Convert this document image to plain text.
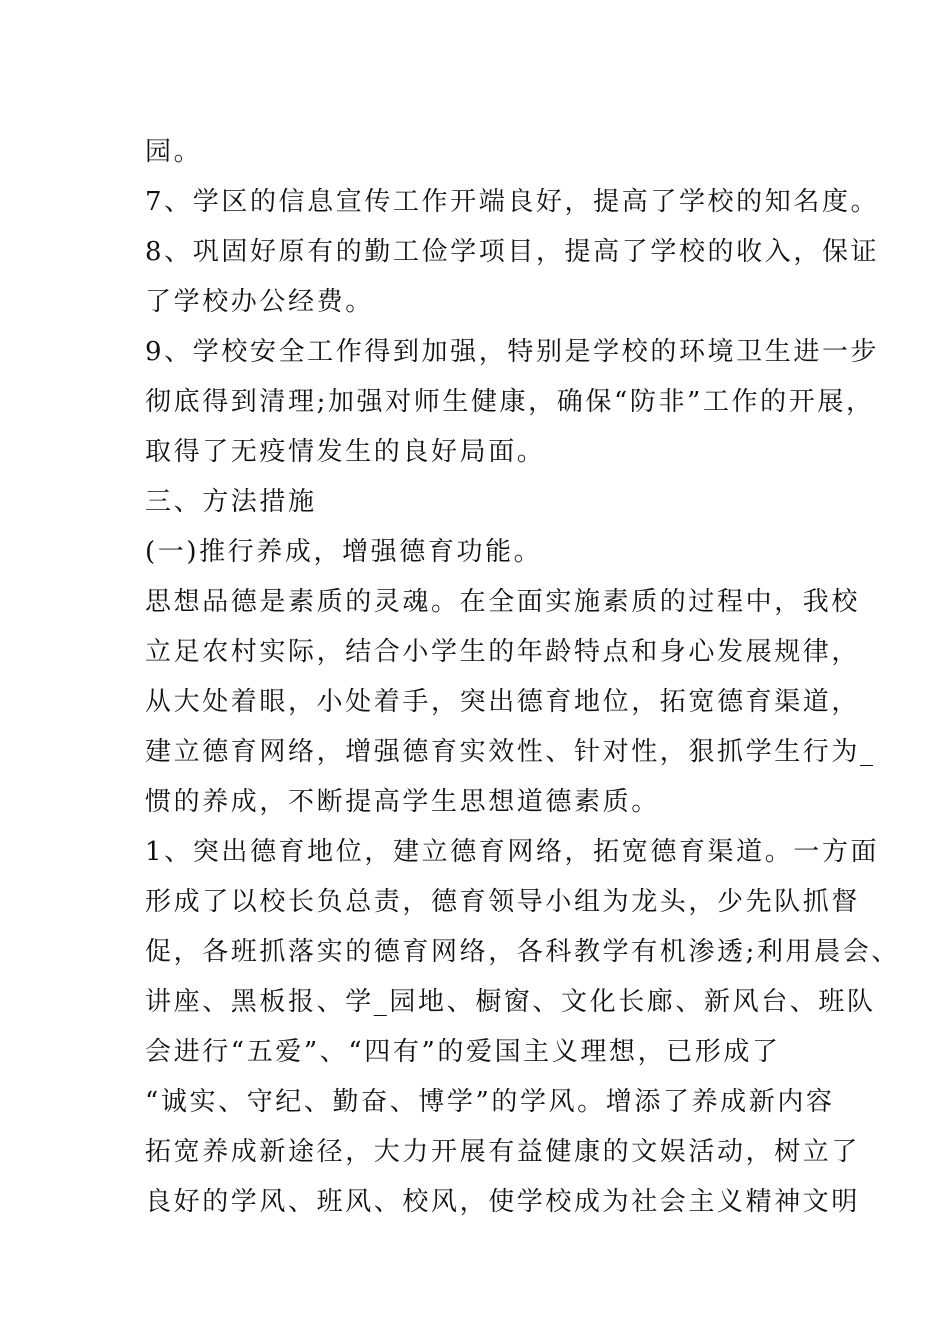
园。
7、学区的信息宣传工作开端良好，提高了学校的知名度。
8、巩固好原有的勤工俭学项目，提高了学校的收入，保证
了学校办公经费。
9、学校安全工作得到加强，特别是学校的环境卫生进一步
彻底得到清理;加强对师生健康，确保“防非”工作的开展，
取得了无疫情发生的良好局面。
三、方法措施
(一)推行养成，增强德育功能。
思想品德是素质的灵魂。在全面实施素质的过程中，我校
立足农村实际，结合小学生的年龄特点和身心发展规律，
从大处着眼，小处着手，突出德育地位，拓宽德育渠道，
建立德育网络，增强德育实效性、针对性，狠抓学生行为_
惯的养成，不断提高学生思想道德素质。
1、突出德育地位，建立德育网络，拓宽德育渠道。一方面
形成了以校长负总责，德育领导小组为龙头，少先队抓督
促，各班抓落实的德育网络，各科教学有机渗透;利用晨会、
讲座、黑板报、学_园地、橱窗、文化长廊、新风台、班队
会进行“五爱”、“四有”的爱国主义理想，已形成了
“诚实、守纪、勤奋、博学”的学风。增添了养成新内容
拓宽养成新途径，大力开展有益健康的文娱活动，树立了
良好的学风、班风、校风，使学校成为社会主义精神文明
